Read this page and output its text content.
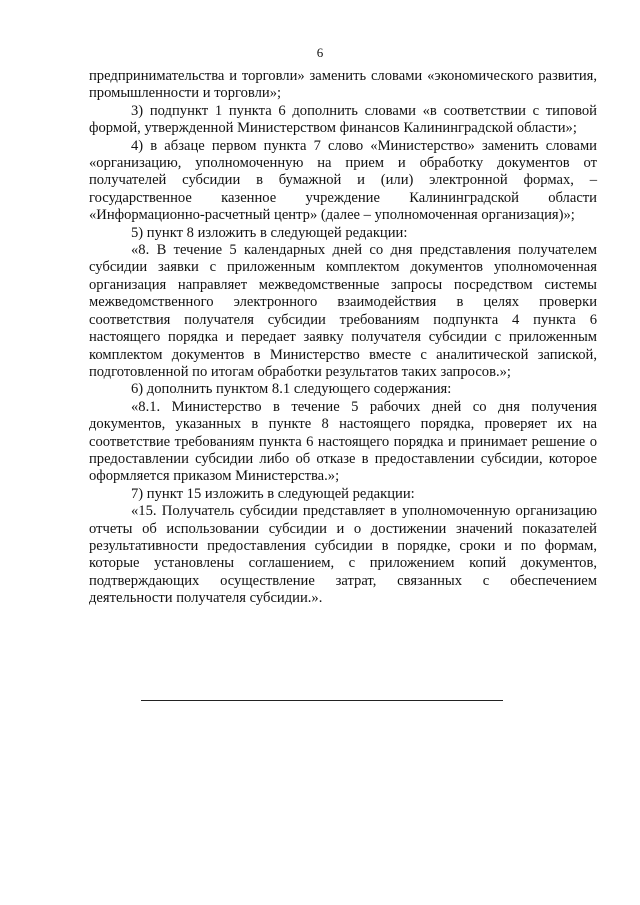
6

предпринимательства и торговли» заменить словами «экономического развития, промышленности и торговли»;

3) подпункт 1 пункта 6 дополнить словами «в соответствии с типовой формой, утвержденной Министерством финансов Калининградской области»;

4) в абзаце первом пункта 7 слово «Министерство» заменить словами «организацию, уполномоченную на прием и обработку документов от получателей субсидии в бумажной и (или) электронной формах, – государственное казенное учреждение Калининградской области «Информационно-расчетный центр» (далее – уполномоченная организация)»;

5) пункт 8 изложить в следующей редакции:

«8. В течение 5 календарных дней со дня представления получателем субсидии заявки с приложенным комплектом документов уполномоченная организация направляет межведомственные запросы посредством системы межведомственного электронного взаимодействия в целях проверки соответствия получателя субсидии требованиям подпункта 4 пункта 6 настоящего порядка и передает заявку получателя субсидии с приложенным комплектом документов в Министерство вместе с аналитической запиской, подготовленной по итогам обработки результатов таких запросов.»;

6) дополнить пунктом 8.1 следующего содержания:

«8.1. Министерство в течение 5 рабочих дней со дня получения документов, указанных в пункте 8 настоящего порядка, проверяет их на соответствие требованиям пункта 6 настоящего порядка и принимает решение о предоставлении субсидии либо об отказе в предоставлении субсидии, которое оформляется приказом Министерства.»;

7) пункт 15 изложить в следующей редакции:

«15. Получатель субсидии представляет в уполномоченную организацию отчеты об использовании субсидии и о достижении значений показателей результативности предоставления субсидии в порядке, сроки и по формам, которые установлены соглашением, с приложением копий документов, подтверждающих осуществление затрат, связанных с обеспечением деятельности получателя субсидии.».
